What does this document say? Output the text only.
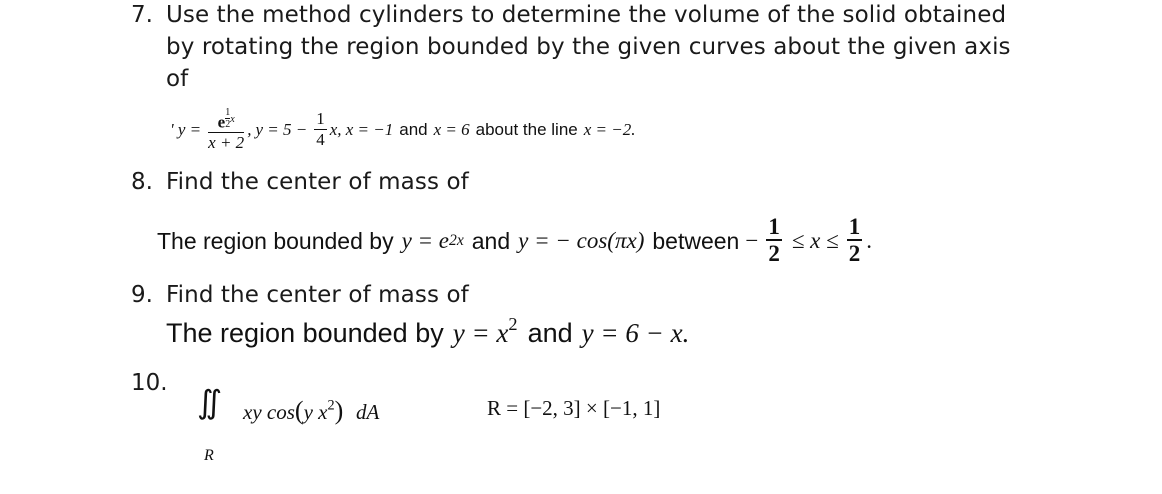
7. Use the method cylinders to determine the volume of the solid obtained
by rotating the region bounded by the given curves about the given axis
of
' $y = \frac{e \frac{1}{2} x}{x + 2}$ , $y = 5 - \frac{1}{4} x$, x = −1 and x = 6 about the line x = −2.
8. Find the center of mass of
The region bounded by y = e 2x and y = − cos(πx) between − $\frac{1}{2} \le x \le \frac{1}{2}$ .
9. Find the center of mass of
The region bounded by $y = x^2$ and y = 6 − x.
10. ∬
R
xy cos(y $x^2$) dA	R = [−2, 3] × [−1, 1]
